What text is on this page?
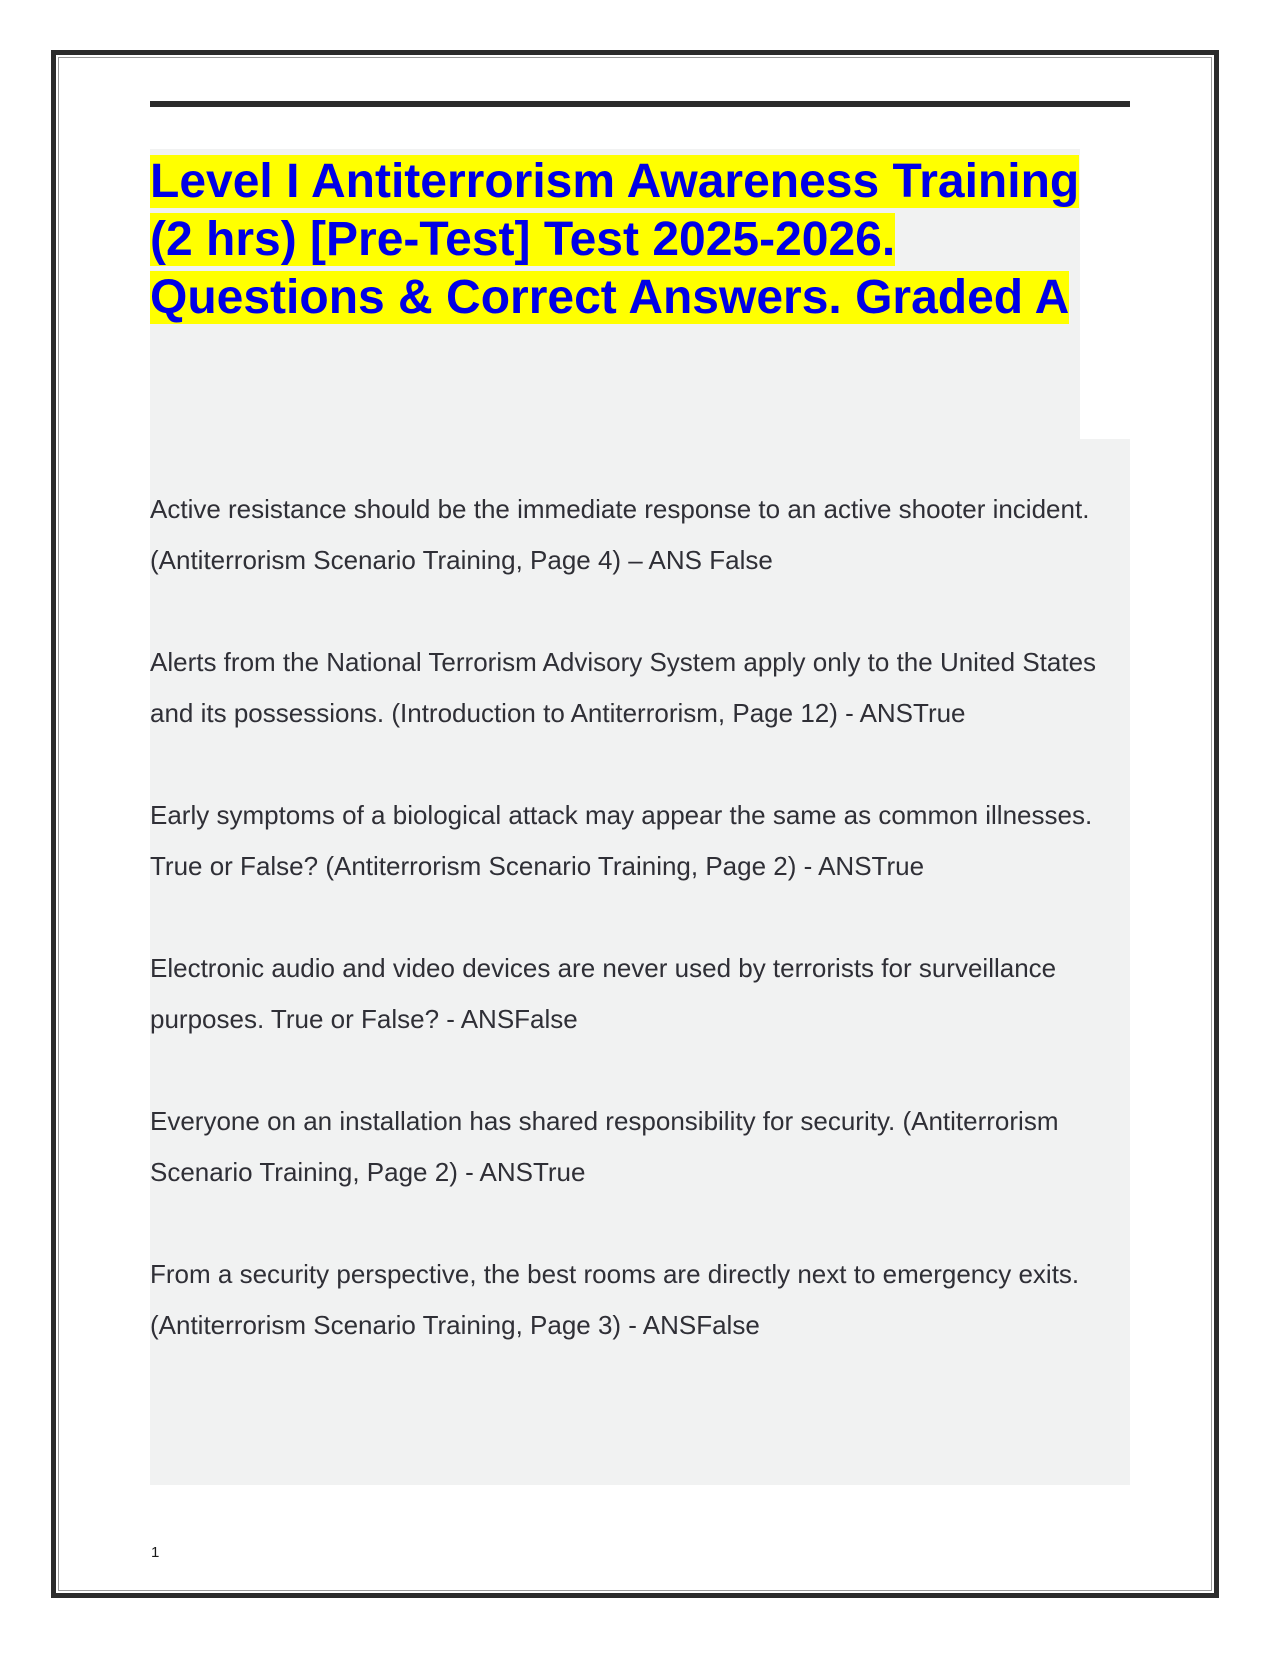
Level I Antiterrorism Awareness Training (2 hrs) [Pre-Test] Test 2025-2026. Questions & Correct Answers. Graded A

Active resistance should be the immediate response to an active shooter incident. (Antiterrorism Scenario Training, Page 4) – ANS False

Alerts from the National Terrorism Advisory System apply only to the United States and its possessions. (Introduction to Antiterrorism, Page 12) - ANSTrue

Early symptoms of a biological attack may appear the same as common illnesses. True or False? (Antiterrorism Scenario Training, Page 2) - ANSTrue

Electronic audio and video devices are never used by terrorists for surveillance purposes. True or False? - ANSFalse

Everyone on an installation has shared responsibility for security. (Antiterrorism Scenario Training, Page 2) - ANSTrue

From a security perspective, the best rooms are directly next to emergency exits. (Antiterrorism Scenario Training, Page 3) - ANSFalse

1
